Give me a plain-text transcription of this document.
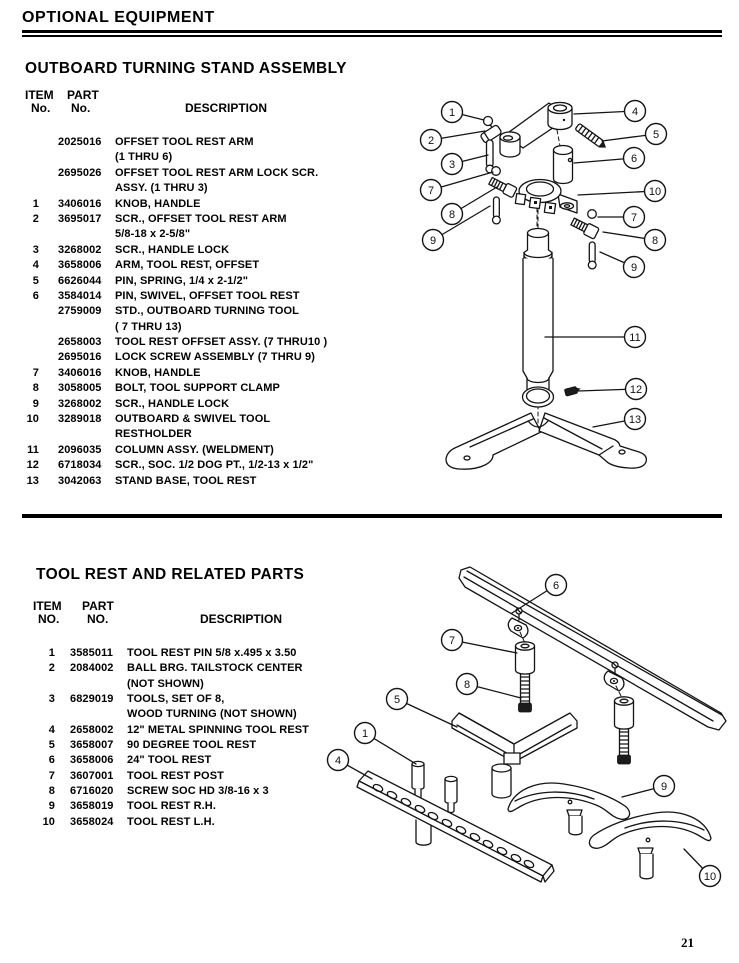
OPTIONAL EQUIPMENT
OUTBOARD TURNING STAND ASSEMBLY
ITEM PART
No. No.	DESCRIPTION
2025016 OFFSET TOOL REST ARM
(1 THRU 6)
2695026 OFFSET TOOL REST ARM LOCK SCR.
ASSY. (1 THRU 3)
1 3406016 KNOB, HANDLE
2 3695017 SCR., OFFSET TOOL REST ARM
5/8-18 x 2-5/8"
3 3268002 SCR., HANDLE LOCK
4 3658006 ARM, TOOL REST, OFFSET
5 6626044 PIN, SPRING, 1/4 x 2-1/2"
6 3584014 PIN, SWIVEL, OFFSET TOOL REST
2759009 STD., OUTBOARD TURNING TOOL
( 7 THRU 13)
2658003 TOOL REST OFFSET ASSY. (7 THRU10 )
2695016 LOCK SCREW ASSEMBLY (7 THRU 9)
7 3406016 KNOB, HANDLE
8 3058005 BOLT, TOOL SUPPORT CLAMP
9 3268002 SCR., HANDLE LOCK
10 3289018 OUTBOARD & SWIVEL TOOL
RESTHOLDER
11 2096035 COLUMN ASSY. (WELDMENT)
12 6718034 SCR., SOC. 1/2 DOG PT., 1/2-13 x 1/2"
13 3042063 STAND BASE, TOOL REST
1
2
3
4
5
6
7
8
9
10
7
8
9
11
12
13
TOOL REST AND RELATED PARTS
ITEM PART
NO. NO.	DESCRIPTION
1 3585011 TOOL REST PIN 5/8 x.495 x 3.50
2 2084002 BALL BRG. TAILSTOCK CENTER
(NOT SHOWN)
3 6829019 TOOLS, SET OF 8,
WOOD TURNING (NOT SHOWN)
4 2658002 12" METAL SPINNING TOOL REST
5 3658007 90 DEGREE TOOL REST
6 3658006 24" TOOL REST
7 3607001 TOOL REST POST
8 6716020 SCREW SOC HD 3/8-16 x 3
9 3658019 TOOL REST R.H.
10 3658024 TOOL REST L.H.
6
7
8
5
1
4
9
10
21
